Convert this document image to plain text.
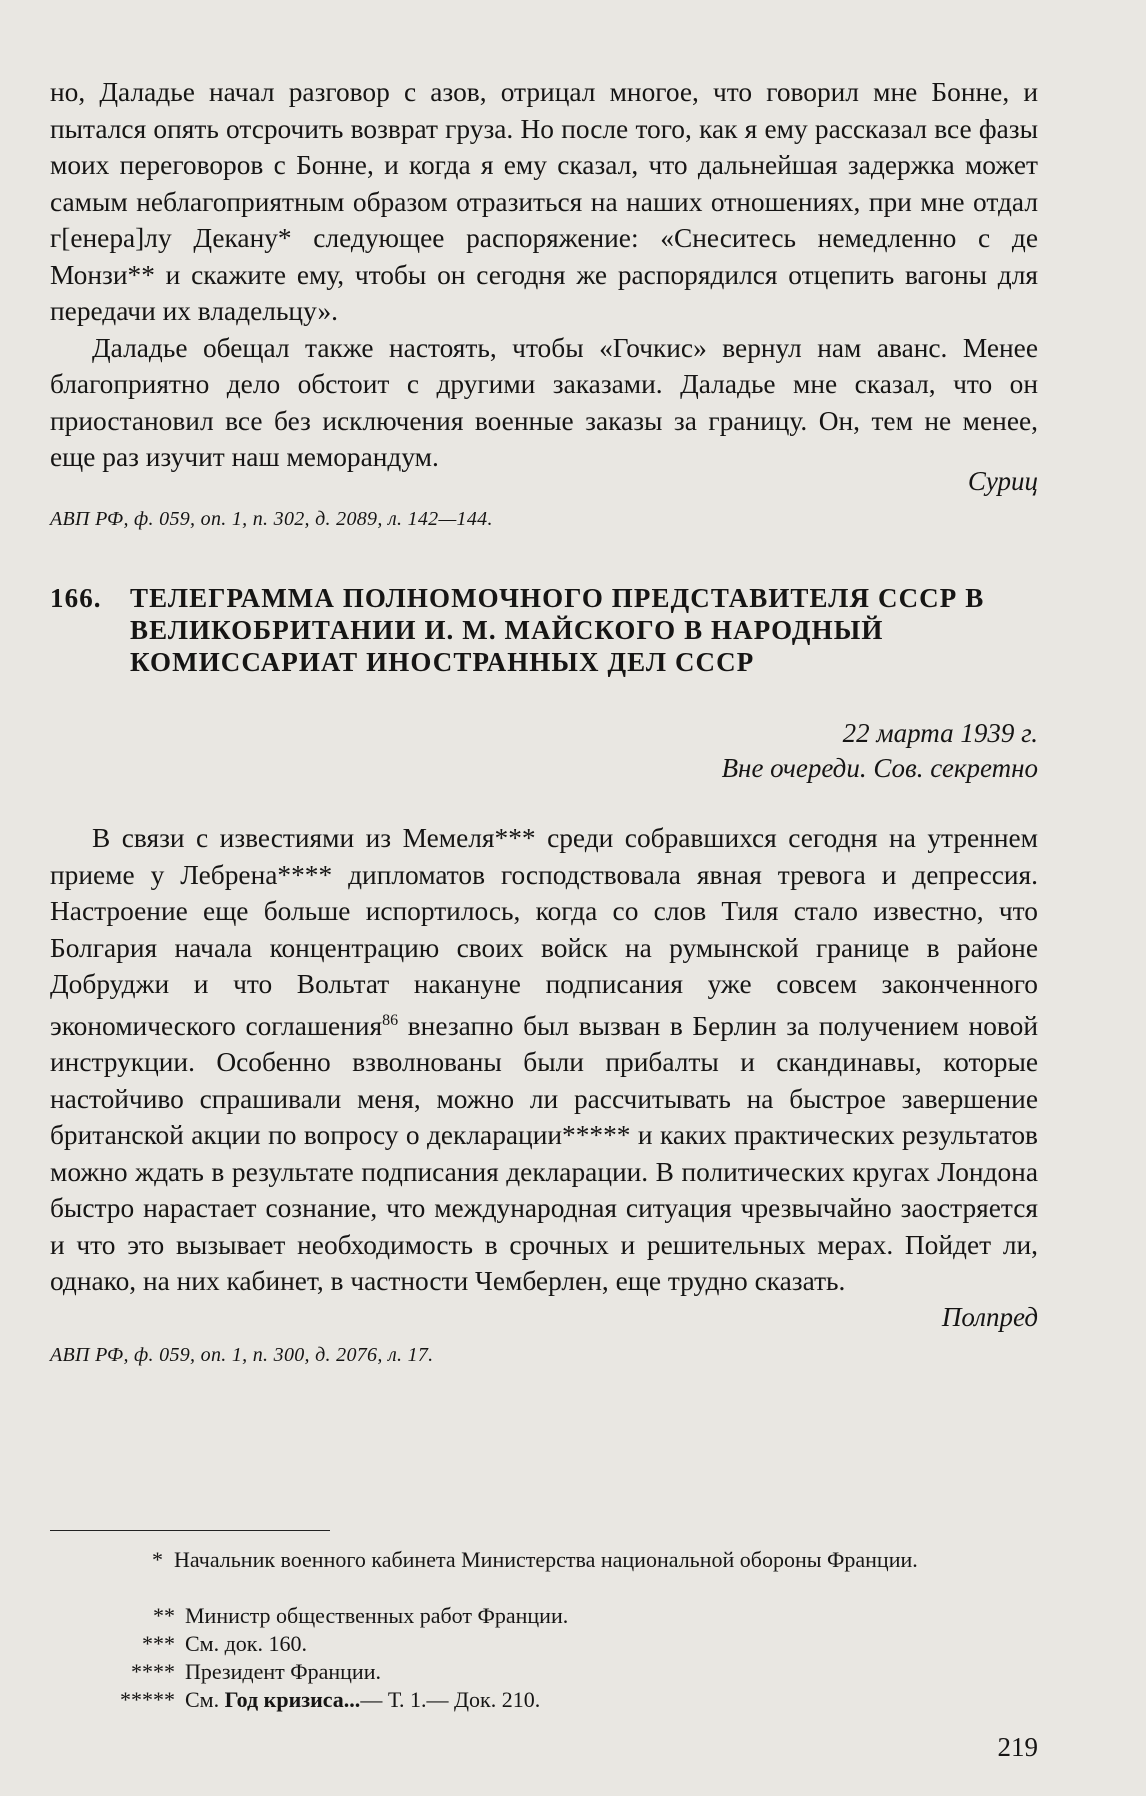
но, Даладье начал разговор с азов, отрицал многое, что говорил мне Бонне, и пытался опять отсрочить возврат груза. Но после того, как я ему рассказал все фазы моих переговоров с Бонне, и когда я ему сказал, что дальнейшая задержка может самым неблагоприятным образом отразиться на наших отношениях, при мне отдал г[енера]лу Декану* следующее распоряжение: «Снеситесь немедленно с де Монзи** и скажите ему, чтобы он сегодня же распорядился отцепить вагоны для передачи их владельцу».

Даладье обещал также настоять, чтобы «Гочкис» вернул нам аванс. Менее благоприятно дело обстоит с другими заказами. Даладье мне сказал, что он приостановил все без исключения военные заказы за границу. Он, тем не менее, еще раз изучит наш меморандум.

Суриц
АВП РФ, ф. 059, оп. 1, п. 302, д. 2089, л. 142—144.
166. ТЕЛЕГРАММА ПОЛНОМОЧНОГО ПРЕДСТАВИТЕЛЯ СССР В
ВЕЛИКОБРИТАНИИ И. М. МАЙСКОГО В НАРОДНЫЙ
КОМИССАРИАТ ИНОСТРАННЫХ ДЕЛ СССР
22 марта 1939 г.
Вне очереди. Сов. секретно

В связи с известиями из Мемеля*** среди собравшихся сегодня на утреннем приеме у Лебрена**** дипломатов господствовала явная тревога и депрессия. Настроение еще больше испортилось, когда со слов Тиля стало известно, что Болгария начала концентрацию своих войск на румынской границе в районе Добруджи и что Вольтат накануне подписания уже совсем законченного экономического соглашения$^{86}$ внезапно был вызван в Берлин за получением новой инструкции. Особенно взволнованы были прибалты и скандинавы, которые настойчиво спрашивали меня, можно ли рассчитывать на быстрое завершение британской акции по вопросу о декларации***** и каких практических результатов можно ждать в результате подписания декларации. В политических кругах Лондона быстро нарастает сознание, что международная ситуация чрезвычайно заостряется и что это вызывает необходимость в срочных и решительных мерах. Пойдет ли, однако, на них кабинет, в частности Чемберлен, еще трудно сказать.

Полпред
АВП РФ, ф. 059, оп. 1, п. 300, д. 2076, л. 17.
* Начальник военного кабинета Министерства национальной обороны Франции.
** Министр общественных работ Франции.
*** См. док. 160.
**** Президент Франции.
***** См. Год кризиса...— Т. 1.— Док. 210.
219
